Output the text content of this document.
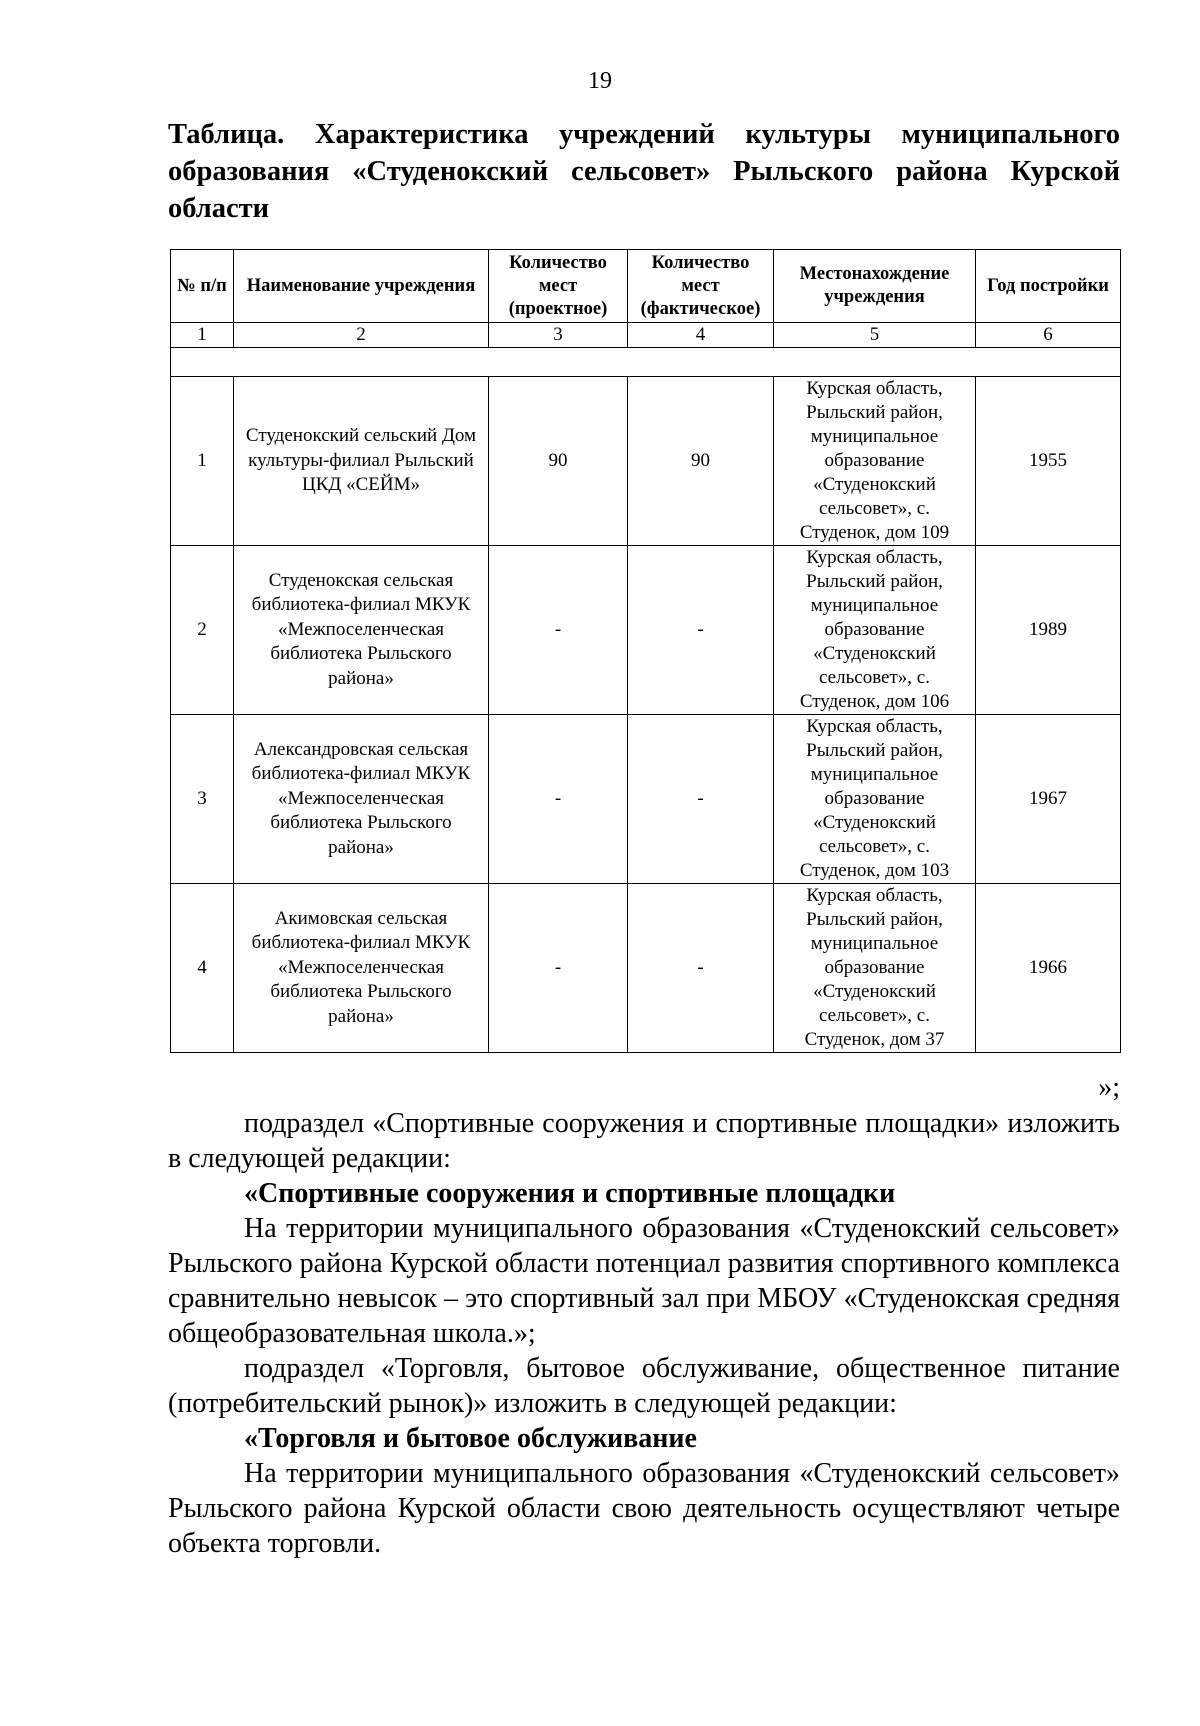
19
Таблица. Характеристика учреждений культуры муниципального образования «Студенокский сельсовет» Рыльского района Курской области
№ п/п	Наименование учреждения	Количество мест (проектное)	Количество мест (фактическое)	Местонахождение учреждения	Год постройки
1	2	3	4	5	6

1	Студенокский сельский Дом культуры-филиал Рыльский ЦКД «СЕЙМ»	90	90	Курская область, Рыльский район, муниципальное образование «Студенокский сельсовет», с. Студенок, дом 109	1955
2	Студенокская сельская библиотека-филиал МКУК «Межпоселенческая библиотека Рыльского района»	-	-	Курская область, Рыльский район, муниципальное образование «Студенокский сельсовет», с. Студенок, дом 106	1989
3	Александровская сельская библиотека-филиал МКУК «Межпоселенческая библиотека Рыльского района»	-	-	Курская область, Рыльский район, муниципальное образование «Студенокский сельсовет», с. Студенок, дом 103	1967
4	Акимовская сельская библиотека-филиал МКУК «Межпоселенческая библиотека Рыльского района»	-	-	Курская область, Рыльский район, муниципальное образование «Студенокский сельсовет», с. Студенок, дом 37	1966
»;
подраздел «Спортивные сооружения и спортивные площадки» изложить в следующей редакции:
«Спортивные сооружения и спортивные площадки
На территории муниципального образования «Студенокский сельсовет» Рыльского района Курской области потенциал развития спортивного комплекса сравнительно невысок – это спортивный зал при МБОУ «Студенокская средняя общеобразовательная школа.»;
подраздел «Торговля, бытовое обслуживание, общественное питание (потребительский рынок)» изложить в следующей редакции:
«Торговля и бытовое обслуживание
На территории муниципального образования «Студенокский сельсовет» Рыльского района Курской области свою деятельность осуществляют четыре объекта торговли.
